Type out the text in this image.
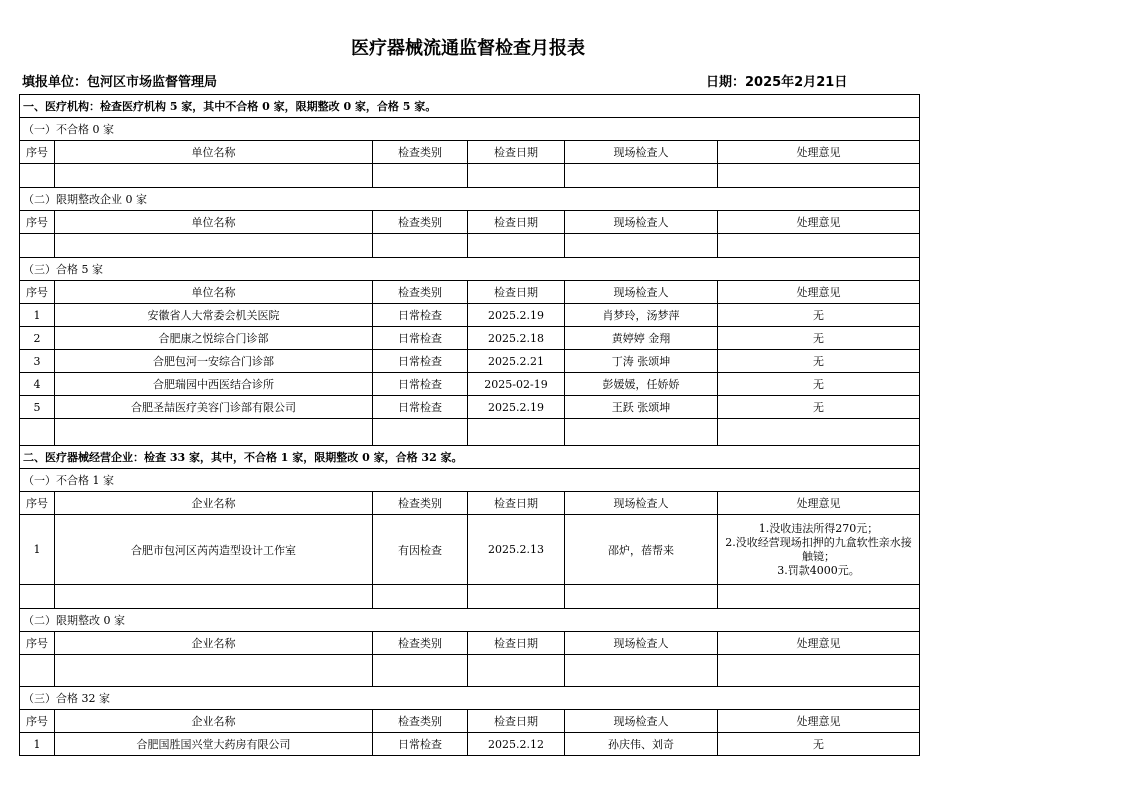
医疗器械流通监督检查月报表
填报单位：包河区市场监督管理局	日期：2025年2月21日
一、医疗机构：检查医疗机构 5 家，其中不合格 0 家，限期整改 0 家，合格 5 家。					
（一）不合格 0 家					
序号	单位名称	检查类别	检查日期	现场检查人	处理意见

（二）限期整改企业 0 家					
序号	单位名称	检查类别	检查日期	现场检查人	处理意见

（三）合格 5 家					
序号	单位名称	检查类别	检查日期	现场检查人	处理意见
1	安徽省人大常委会机关医院	日常检查	2025.2.19	肖梦玲，汤梦萍	无
2	合肥康之悦综合门诊部	日常检查	2025.2.18	黄婷婷 金翔	无
3	合肥包河一安综合门诊部	日常检查	2025.2.21	丁涛 张颂坤	无
4	合肥瑞园中西医结合诊所	日常检查	2025-02-19	彭媛媛，任娇娇	无
5	合肥圣喆医疗美容门诊部有限公司	日常检查	2025.2.19	王跃 张颂坤	无

二、医疗器械经营企业：检查 33 家，其中，不合格 1 家，限期整改 0 家，合格 32 家。					
（一）不合格 1 家					
序号	企业名称	检查类别	检查日期	现场检查人	处理意见
1	合肥市包河区芮芮造型设计工作室	有因检查	2025.2.13	邵炉，蓓帮来	1.没收违法所得270元；
2.没收经营现场扣押的九盒软性亲水接触镜；
3.罚款4000元。

（二）限期整改 0 家					
序号	企业名称	检查类别	检查日期	现场检查人	处理意见

（三）合格 32 家					
序号	企业名称	检查类别	检查日期	现场检查人	处理意见
1	合肥国胜国兴堂大药房有限公司	日常检查	2025.2.12	孙庆伟、刘奇	无
